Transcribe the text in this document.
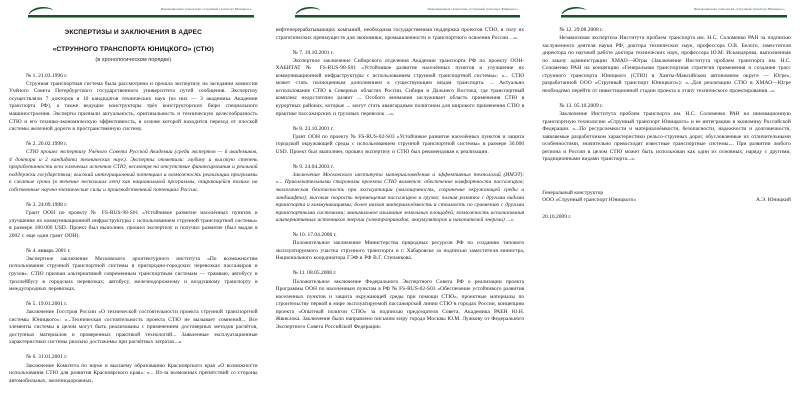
Инновационная технология «Струнный транспорт Юницкого»
ЭКСПЕРТИЗЫ И ЗАКЛЮЧЕНИЯ В АДРЕС
«СТРУННОГО ТРАНСПОРТА ЮНИЦКОГО» (СТЮ)
(в хронологическом порядке)

№ 1. 21.03.1996 г.

Струнная транспортная система была рассмотрена и прошла экспертизу на заседании комиссии Учёного Совета Петербургского государственного университета путей сообщения. Экспертизу осуществляли 7 докторов и 10 кандидатов технических наук (из них — 3 академика Академии транспорта РФ), а также ведущие конструкторы трёх конструкторских бюро специального машиностроения. Эксперты признали актуальность, оригинальность и техническую целесообразность СТЮ и его технико-экономическую эффективность, в основе которой находится переход от плоской системы железной дороги в пространственную систему.

№ 2. 20.02.1998 г.

СТЮ прошел экспертизу Учёного Совета Русской Академии (среди экспертов — 6 академиков, 4 доктора и 2 кандидата технических наук). Эксперты отметили: глубину и высокую степень проработанности всех ключевых аспектов СТЮ, несмотря на отсутствие финансирования и реальной поддержки государством; высокий интеграционный потенциал и возможность реализации программы в сжатые сроки (в течение нескольких лет) как национальной программы, опирающейся только на собственные научно-технические силы и производственный потенциал России.

№ 3. 24.09.1998 г.

Грант ООН по проекту № FS-RUS-98-S01 «Устойчивое развитие населённых пунктов и улучшение их коммуникационной инфраструктуры с использованием струнной транспортной системы» в размере 180.000 USD. Проект был выполнен, прошел экспертизу и получил развитие (был выдан в 2002 г. еще один грант ООН).

№ 4. январь 2001 г.

Экспертное заключение Московского архитектурного института «По возможностям использования струнной транспортной системы в пригородно-городских перевозках пассажиров и грузов». СТЮ признан альтернативой современным транспортным системам — трамваю, автобусу и троллейбусу в городских перевозках; автобусу, железнодорожному и воздушному транспорту в междугородных перевозках.

№ 5. 19.01.2001 г.

Заключение Госстроя России «О технической состоятельности проекта струнной транспортной системы Юницкого»: «...Техническая состоятельность проекта СТЮ не вызывает сомнений... Все элементы системы в целом могут быть реализованы с применением достоверных методов расчётов, доступных материалов и проверенных практикой технологий... Заявленные эксплуатационные характеристики системы реально достижимы при расчётных затратах...»

№ 6. 31.01.2001 г.

Заключение Комитета по науке и высшему образованию Красноярского края «О возможности использования СТЮ для развития Красноярского края»: «... Из-за возможных препятствий со стороны автомобильных, железнодорожных,

Инновационная технология «Струнный транспорт Юницкого»

нефтеперерабатывающих компаний, необходима государственная поддержка проектов СТЮ, в силу их стратегических преимуществ для экономики, промышленности и транспортного освоения России ...».

№ 7. 19.10.2001 г.

Экспертное заключение Сибирского отделения Академии транспорта РФ по проекту ООН-ХАБИТАТ № FS-RUS-98-S01 «Устойчивое развитие населённых пунктов и улучшение их коммуникационной инфраструктуры с использованием струнной транспортной системы»: «... СТЮ может стать полноценным дополнением к существующим видам транспорта. ... Актуально использование СТЮ в Северных областях России, Сибири и Дальнего Востока, где транспортный комплекс недостаточно развит ... Особого внимания заслуживает область применения СТЮ в курортных районах, которые ... могут стать авангардным полигоном для широкого применения СТЮ в практике пассажирских и грузовых перевозок ...».

№ 8. 23.10.2001 г.

Грант ООН по проекту № FS-RUS-02-S03 «Устойчивое развитие населённых пунктов и защита городской окружающей среды с использованием струнной транспортной системы» в размере 30.000 USD. Проект был выполнен, прошел экспертизу и СТЮ был рекомендован к реализации.

№ 9. 24.04.2003 г.

Заключение Московского института материаловедения и эффективных технологий (ИМЭТ): «... Привлекательными сторонами проекта СТЮ является: обеспечение комфортности пассажиров; экологическая безопасность при эксплуатации (малошумность, сохранение окружающей среды и ландшафта); высокая скорость перемещения пассажиров и грузов; полная развязка с другими видами транспорта и коммуникациями; более низкая материалоёмкость и стоимость по сравнению с другими транспортными системами; минимальное изымание земельных площадей; возможность использования альтернативных источников энергии (электроприводов, аккумуляторов и накопителей энергии) ...».

№ 10. 17.04.2006 г.

Положительное заключение Министерства природных ресурсов РФ по созданию типового эксплуатируемого участка струнного транспорта в г. Хабаровске за подписью заместителя министра, Национального координатора ГЭФ в РФ В.Г. Степанкова.

№ 11. 08.05.2008 г.

Положительное заключение Федерального Экспертного Совета РФ о реализации проекта Программы ООН по населенным пунктам в РФ № FS-RUS-02-S03 «Обеспечение устойчивого развития населенных пунктов и защита окружающей среды при помощи СТЮ», проектные материалы по строительству первой в мире эксплуатируемой пассажирской линии СТЮ в городах России, концепцию проекта «Опытный полигон СТЮ» за подписью председателя Совета, Академика РАЕН Ю.Н. Жвиклока. Заключение было направлено письмом мэру города Москвы Ю.М. Лужкову от Федерального Экспертного Совета Российской Федерации.

Инновационная технология «Струнный транспорт Юницкого»

№ 12. 29.08.2008 г.

Независимая экспертиза Института проблем транспорта им. Н.С. Соломенко РАН за подписью заслуженного деятеля науки РФ, доктора технических наук, профессора О.В. Белого, заместителя директора по научной работе доктора технических наук, профессора Ю.М. Искандерова, выполненная по заказу администрации ХМАО—Югры (Заключение Института проблем транспорта им. Н.С. Соломенко РАН на концепцию «Генеральная транспортная стратегия применения и создания трасс струнного транспорта Юницкого (СТЮ) в Ханты-Мансийском автономном округе — Югре», разработанной ООО «Струнный транспорт Юницкого»): «...Для реализации СТЮ в ХМАО—Югре необходимо перейти от инвестиционной стадии проекта к этапу технического проектирования...».

№ 13. 05.10.2009 г.

Заключение Института проблем транспорта им. Н.С. Соломенко РАН на инновационную транспортную технологию «Струнный транспорт Юницкого» и ее интеграцию в экономику Российской Федерации. «...По ресурсоемкости и материалоёмкости, безопасности, надежности и долговечности, заявляемые разработчиком характеристики рельсо-струнных дорог, обусловленные их отличительными особенностями, значительно превосходят известные транспортные системы.... При развитии любого региона и России в целом СТЮ может быть использован как один из основных, наряду с другими, традиционными видами транспорта...».

Генеральный конструктор
ООО «Струнный транспорт Юницкого»	А.Э. Юницкий
20.10.2009 г.
